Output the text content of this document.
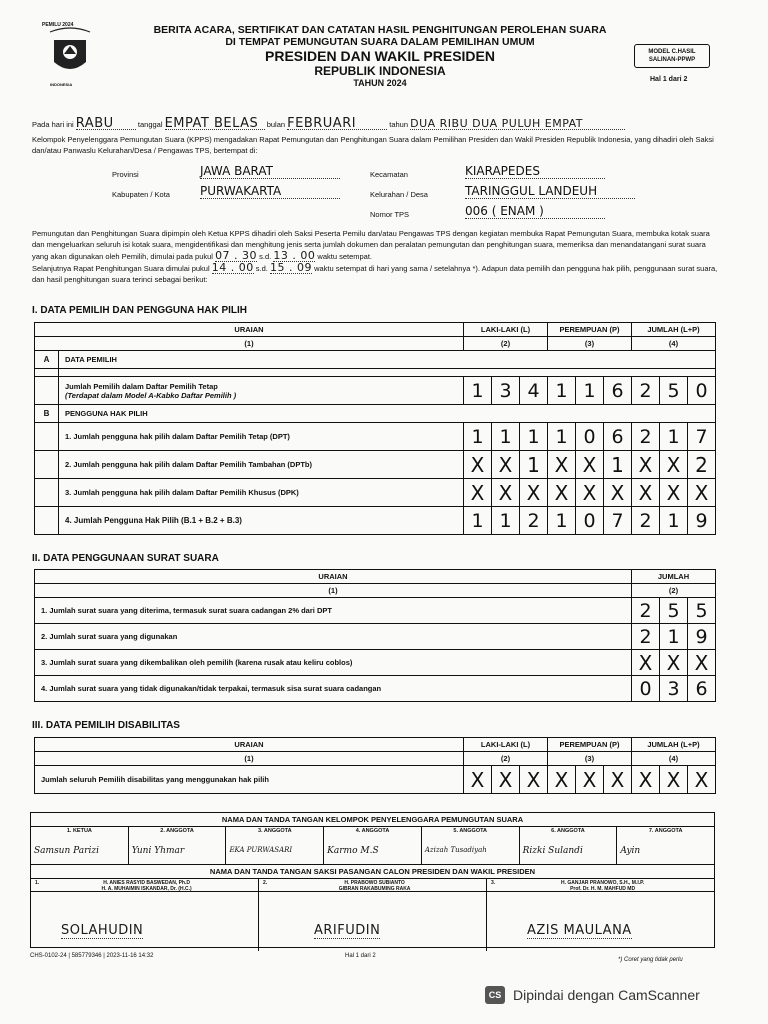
PEMILU 2024
INDONESIA
BERITA ACARA, SERTIFIKAT DAN CATATAN HASIL PENGHITUNGAN PEROLEHAN SUARA
DI TEMPAT PEMUNGUTAN SUARA DALAM PEMILIHAN UMUM
PRESIDEN DAN WAKIL PRESIDEN
REPUBLIK INDONESIA
TAHUN 2024
MODEL C.HASIL
SALINAN-PPWP
Hal 1 dari 2
Pada hari ini RABU	tanggal EMPAT BELAS bulan FEBRUARI	tahun DUA RIBU DUA PULUH EMPAT
Kelompok Penyelenggara Pemungutan Suara (KPPS) mengadakan Rapat Pemungutan dan Penghitungan Suara dalam Pemilihan Presiden dan Wakil Presiden Republik Indonesia, yang dihadiri oleh Saksi dan/atau Panwaslu Kelurahan/Desa / Pengawas TPS, bertempat di:
Provinsi	JAWA BARAT
Kabupaten / Kota	PURWAKARTA
Kecamatan	KIARAPEDES
Kelurahan / Desa	TARINGGUL LANDEUH
Nomor TPS	006 ( ENAM )
Pemungutan dan Penghitungan Suara dipimpin oleh Ketua KPPS dihadiri oleh Saksi Peserta Pemilu dan/atau Pengawas TPS dengan kegiatan membuka Rapat Pemungutan Suara, membuka kotak suara dan mengeluarkan seluruh isi kotak suara, mengidentifikasi dan menghitung jenis serta jumlah dokumen dan peralatan pemungutan dan penghitungan suara, memeriksa dan menandatangani surat suara yang akan digunakan oleh Pemilih, dimulai pada pukul 07 . 30 s.d. 13 . 00 waktu setempat.
Selanjutnya Rapat Penghitungan Suara dimulai pukul 14 . 00 s.d. 15 . 09 waktu setempat di hari yang sama / setelahnya *). Adapun data pemilih dan pengguna hak pilih, penggunaan surat suara, dan hasil penghitungan suara terinci sebagai berikut:
I. DATA PEMILIH DAN PENGGUNA HAK PILIH
URAIAN		LAKI-LAKI (L)			PEREMPUAN (P)			JUMLAH (L+P)		
(1)		(2)			(3)			(4)		
A	DATA PEMILIH									

	Jumlah Pemilih dalam Daftar Pemilih Tetap
(Terdapat dalam Model A-Kabko Daftar Pemilih )	1	3	4	1	1	6	2	5	0
B	PENGGUNA HAK PILIH									
	1. Jumlah pengguna hak pilih dalam Daftar Pemilih Tetap (DPT)	1	1	1	1	0	6	2	1	7
	2. Jumlah pengguna hak pilih dalam Daftar Pemilih Tambahan (DPTb)	X	X	1	X	X	1	X	X	2
	3. Jumlah pengguna hak pilih dalam Daftar Pemilih Khusus (DPK)	X	X	X	X	X	X	X	X	X
	4. Jumlah Pengguna Hak Pilih (B.1 + B.2 + B.3)	1	1	2	1	0	7	2	1	9
II. DATA PENGGUNAAN SURAT SUARA
URAIAN	JUMLAH		
(1)	(2)		
1. Jumlah surat suara yang diterima, termasuk surat suara cadangan 2% dari DPT	2	5	5
2. Jumlah surat suara yang digunakan	2	1	9
3. Jumlah surat suara yang dikembalikan oleh pemilih (karena rusak atau keliru coblos)	X	X	X
4. Jumlah surat suara yang tidak digunakan/tidak terpakai, termasuk sisa surat suara cadangan	0	3	6
III. DATA PEMILIH DISABILITAS
URAIAN	LAKI-LAKI (L)			PEREMPUAN (P)			JUMLAH (L+P)		
(1)	(2)			(3)			(4)		
Jumlah seluruh Pemilih disabilitas yang menggunakan hak pilih	X	X	X	X	X	X	X	X	X
NAMA DAN TANDA TANGAN KELOMPOK PENYELENGGARA PEMUNGUTAN SUARA
1. KETUA
Samsun Parizi
2. ANGGOTA
Yuni Yhmar
3. ANGGOTA
EKA PURWASARI
4. ANGGOTA
Karmo M.S
5. ANGGOTA
Azizah Tusadiyah
6. ANGGOTA
Rizki Sulandi
7. ANGGOTA
Ayin
NAMA DAN TANDA TANGAN SAKSI PASANGAN CALON PRESIDEN DAN WAKIL PRESIDEN
1.	H. ANIES RASYID BASWEDAN, Ph.D
H. A. MUHAIMIN ISKANDAR, Dr. (H.C.)
SOLAHUDIN
2.	H. PRABOWO SUBIANTO
GIBRAN RAKABUMING RAKA
ARIFUDIN
3.	H. GANJAR PRANOWO, S.H., M.I.P.
Prof. Dr. H. M. MAHFUD MD
AZIS MAULANA
CHS-0102-24 | 585779346 | 2023-11-16 14:32	Hal 1 dari 2
*) Coret yang tidak perlu
CS Dipindai dengan CamScanner
